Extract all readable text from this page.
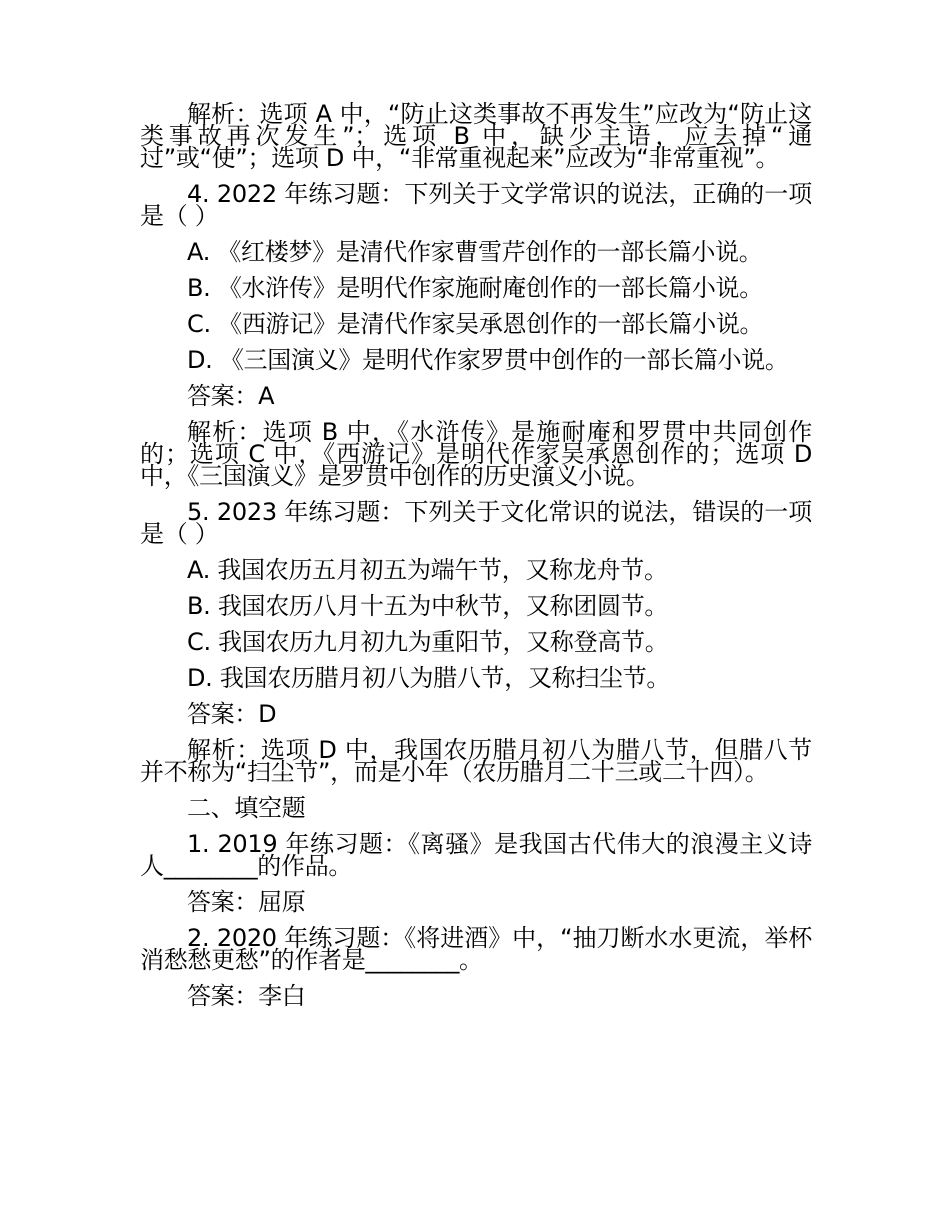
解析：选项 A 中，“防止这类事故不再发生”应改为“防止这类事故再次发生”；选项 B 中，缺少主语，应去掉“通过”或“使”；选项 D 中，“非常重视起来”应改为“非常重视”。

4. 2022 年练习题：下列关于文学常识的说法，正确的一项是（ ）

A. 《红楼梦》是清代作家曹雪芹创作的一部长篇小说。

B. 《水浒传》是明代作家施耐庵创作的一部长篇小说。

C. 《西游记》是清代作家吴承恩创作的一部长篇小说。

D. 《三国演义》是明代作家罗贯中创作的一部长篇小说。

答案：A

解析：选项 B 中，《水浒传》是施耐庵和罗贯中共同创作的；选项 C 中，《西游记》是明代作家吴承恩创作的；选项 D 中，《三国演义》是罗贯中创作的历史演义小说。

5. 2023 年练习题：下列关于文化常识的说法，错误的一项是（ ）

A. 我国农历五月初五为端午节，又称龙舟节。

B. 我国农历八月十五为中秋节，又称团圆节。

C. 我国农历九月初九为重阳节，又称登高节。

D. 我国农历腊月初八为腊八节，又称扫尘节。

答案：D

解析：选项 D 中，我国农历腊月初八为腊八节，但腊八节并不称为“扫尘节”，而是小年（农历腊月二十三或二十四）。

二、填空题

1. 2019 年练习题：《离骚》是我国古代伟大的浪漫主义诗人________的作品。

答案：屈原

2. 2020 年练习题：《将进酒》中，“抽刀断水水更流，举杯消愁愁更愁”的作者是________。

答案：李白
